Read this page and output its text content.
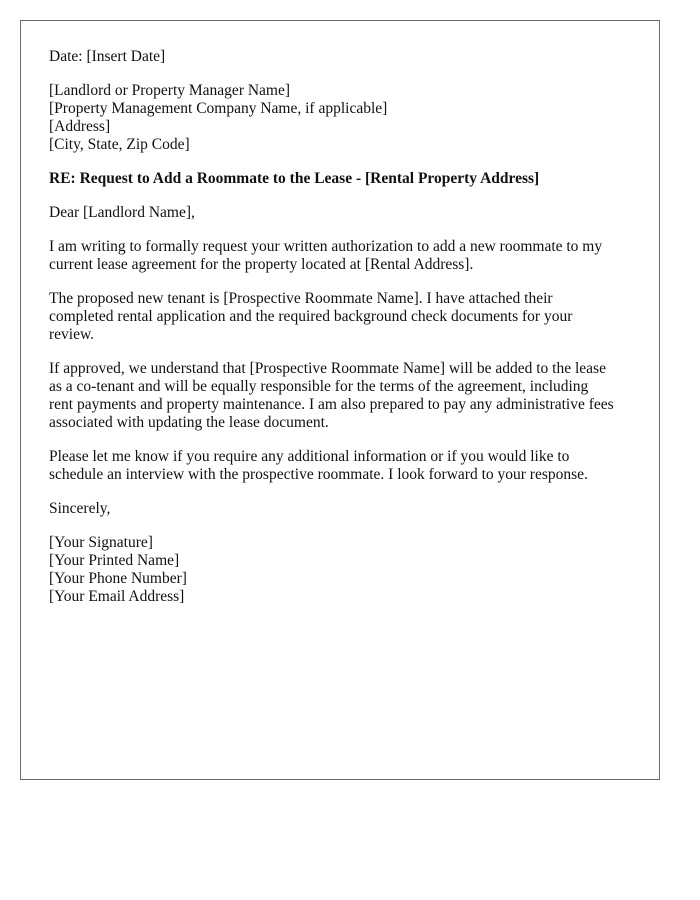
Date: [Insert Date]
[Landlord or Property Manager Name]
[Property Management Company Name, if applicable]
[Address]
[City, State, Zip Code]
RE: Request to Add a Roommate to the Lease - [Rental Property Address]
Dear [Landlord Name],
I am writing to formally request your written authorization to add a new roommate to my
current lease agreement for the property located at [Rental Address].
The proposed new tenant is [Prospective Roommate Name]. I have attached their
completed rental application and the required background check documents for your
review.
If approved, we understand that [Prospective Roommate Name] will be added to the lease
as a co-tenant and will be equally responsible for the terms of the agreement, including
rent payments and property maintenance. I am also prepared to pay any administrative fees
associated with updating the lease document.
Please let me know if you require any additional information or if you would like to
schedule an interview with the prospective roommate. I look forward to your response.
Sincerely,
[Your Signature]
[Your Printed Name]
[Your Phone Number]
[Your Email Address]
